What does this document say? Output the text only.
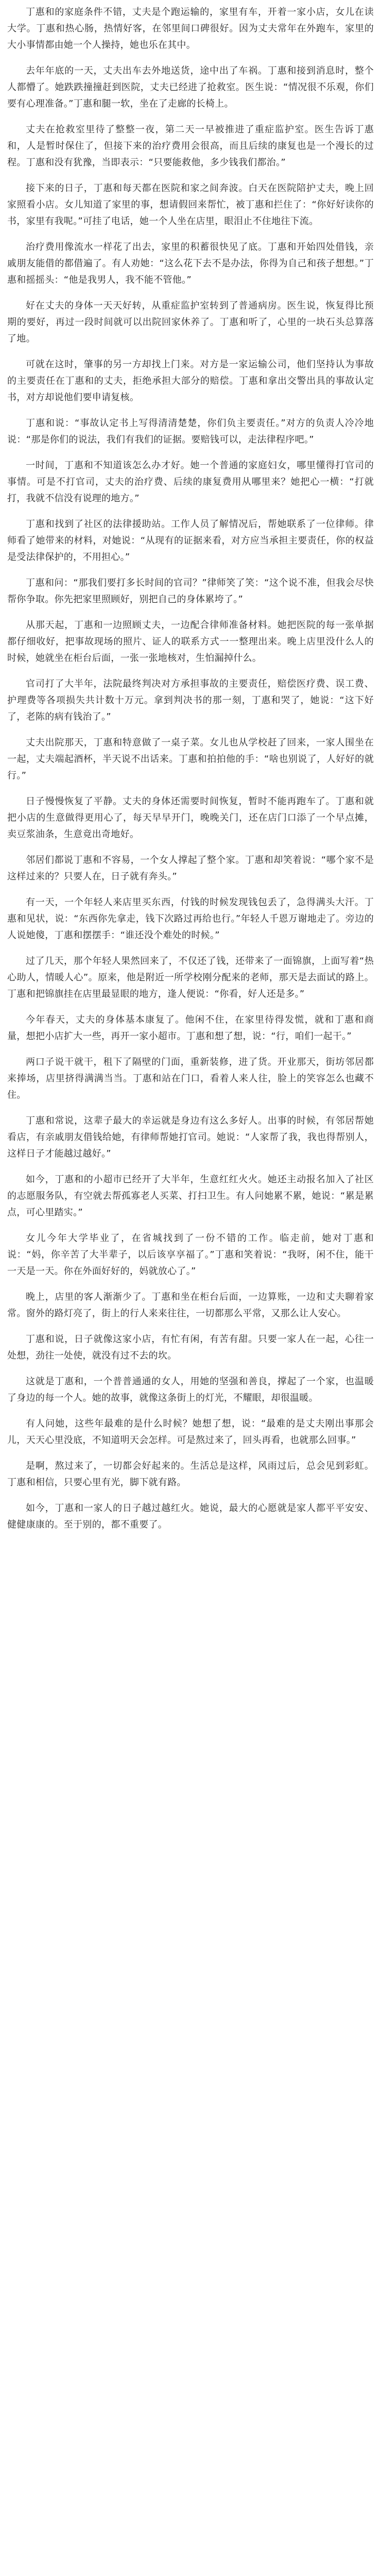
丁惠和的家庭条件不错，丈夫是个跑运输的，家里有车，开着一家小店，女儿在读大学。丁惠和热心肠，热情好客，在邻里间口碑很好。因为丈夫常年在外跑车，家里的大小事情都由她一个人操持，她也乐在其中。

去年年底的一天，丈夫出车去外地送货，途中出了车祸。丁惠和接到消息时，整个人都懵了。她跌跌撞撞赶到医院，丈夫已经进了抢救室。医生说：“情况很不乐观，你们要有心理准备。”丁惠和腿一软，坐在了走廊的长椅上。

丈夫在抢救室里待了整整一夜，第二天一早被推进了重症监护室。医生告诉丁惠和，人是暂时保住了，但接下来的治疗费用会很高，而且后续的康复也是一个漫长的过程。丁惠和没有犹豫，当即表示：“只要能救他，多少钱我们都治。”

接下来的日子，丁惠和每天都在医院和家之间奔波。白天在医院陪护丈夫，晚上回家照看小店。女儿知道了家里的事，想请假回来帮忙，被丁惠和拦住了：“你好好读你的书，家里有我呢。”可挂了电话，她一个人坐在店里，眼泪止不住地往下流。

治疗费用像流水一样花了出去，家里的积蓄很快见了底。丁惠和开始四处借钱，亲戚朋友能借的都借遍了。有人劝她：“这么花下去不是办法，你得为自己和孩子想想。”丁惠和摇摇头：“他是我男人，我不能不管他。”

好在丈夫的身体一天天好转，从重症监护室转到了普通病房。医生说，恢复得比预期的要好，再过一段时间就可以出院回家休养了。丁惠和听了，心里的一块石头总算落了地。

可就在这时，肇事的另一方却找上门来。对方是一家运输公司，他们坚持认为事故的主要责任在丁惠和的丈夫，拒绝承担大部分的赔偿。丁惠和拿出交警出具的事故认定书，对方却说他们要申请复核。

丁惠和说：“事故认定书上写得清清楚楚，你们负主要责任。”对方的负责人冷冷地说：“那是你们的说法，我们有我们的证据。要赔钱可以，走法律程序吧。”

一时间，丁惠和不知道该怎么办才好。她一个普通的家庭妇女，哪里懂得打官司的事情。可是不打官司，丈夫的治疗费、后续的康复费用从哪里来？她把心一横：“打就打，我就不信没有说理的地方。”

丁惠和找到了社区的法律援助站。工作人员了解情况后，帮她联系了一位律师。律师看了她带来的材料，对她说：“从现有的证据来看，对方应当承担主要责任，你的权益是受法律保护的，不用担心。”

丁惠和问：“那我们要打多长时间的官司？”律师笑了笑：“这个说不准，但我会尽快帮你争取。你先把家里照顾好，别把自己的身体累垮了。”

从那天起，丁惠和一边照顾丈夫，一边配合律师准备材料。她把医院的每一张单据都仔细收好，把事故现场的照片、证人的联系方式一一整理出来。晚上店里没什么人的时候，她就坐在柜台后面，一张一张地核对，生怕漏掉什么。

官司打了大半年，法院最终判决对方承担事故的主要责任，赔偿医疗费、误工费、护理费等各项损失共计数十万元。拿到判决书的那一刻，丁惠和哭了，她说：“这下好了，老陈的病有钱治了。”

丈夫出院那天，丁惠和特意做了一桌子菜。女儿也从学校赶了回来，一家人围坐在一起，丈夫端起酒杯，半天说不出话来。丁惠和拍拍他的手：“啥也别说了，人好好的就行。”

日子慢慢恢复了平静。丈夫的身体还需要时间恢复，暂时不能再跑车了。丁惠和就把小店的生意做得更用心了，每天早早开门，晚晚关门，还在店门口添了一个早点摊，卖豆浆油条，生意竟出奇地好。

邻居们都说丁惠和不容易，一个女人撑起了整个家。丁惠和却笑着说：“哪个家不是这样过来的？只要人在，日子就有奔头。”

有一天，一个年轻人来店里买东西，付钱的时候发现钱包丢了，急得满头大汗。丁惠和见状，说：“东西你先拿走，钱下次路过再给也行。”年轻人千恩万谢地走了。旁边的人说她傻，丁惠和摆摆手：“谁还没个难处的时候。”

过了几天，那个年轻人果然回来了，不仅还了钱，还带来了一面锦旗，上面写着“热心助人，情暖人心”。原来，他是附近一所学校刚分配来的老师，那天是去面试的路上。丁惠和把锦旗挂在店里最显眼的地方，逢人便说：“你看，好人还是多。”

今年春天，丈夫的身体基本康复了。他闲不住，在家里待得发慌，就和丁惠和商量，想把小店扩大一些，再开一家小超市。丁惠和想了想，说：“行，咱们一起干。”

两口子说干就干，租下了隔壁的门面，重新装修，进了货。开业那天，街坊邻居都来捧场，店里挤得满满当当。丁惠和站在门口，看着人来人往，脸上的笑容怎么也藏不住。

丁惠和常说，这辈子最大的幸运就是身边有这么多好人。出事的时候，有邻居帮她看店，有亲戚朋友借钱给她，有律师帮她打官司。她说：“人家帮了我，我也得帮别人，这样日子才能越过越好。”

如今，丁惠和的小超市已经开了大半年，生意红红火火。她还主动报名加入了社区的志愿服务队，有空就去帮孤寡老人买菜、打扫卫生。有人问她累不累，她说：“累是累点，可心里踏实。”

女儿今年大学毕业了，在省城找到了一份不错的工作。临走前，她对丁惠和说：“妈，你辛苦了大半辈子，以后该享享福了。”丁惠和笑着说：“我呀，闲不住，能干一天是一天。你在外面好好的，妈就放心了。”

晚上，店里的客人渐渐少了。丁惠和坐在柜台后面，一边算账，一边和丈夫聊着家常。窗外的路灯亮了，街上的行人来来往往，一切都那么平常，又那么让人安心。

丁惠和说，日子就像这家小店，有忙有闲，有苦有甜。只要一家人在一起，心往一处想，劲往一处使，就没有过不去的坎。

这就是丁惠和，一个普普通通的女人，用她的坚强和善良，撑起了一个家，也温暖了身边的每一个人。她的故事，就像这条街上的灯光，不耀眼，却很温暖。

有人问她，这些年最难的是什么时候？她想了想，说：“最难的是丈夫刚出事那会儿，天天心里没底，不知道明天会怎样。可是熬过来了，回头再看，也就那么回事。”

是啊，熬过来了，一切都会好起来的。生活总是这样，风雨过后，总会见到彩虹。丁惠和相信，只要心里有光，脚下就有路。

如今，丁惠和一家人的日子越过越红火。她说，最大的心愿就是家人都平平安安、健健康康的。至于别的，都不重要了。
